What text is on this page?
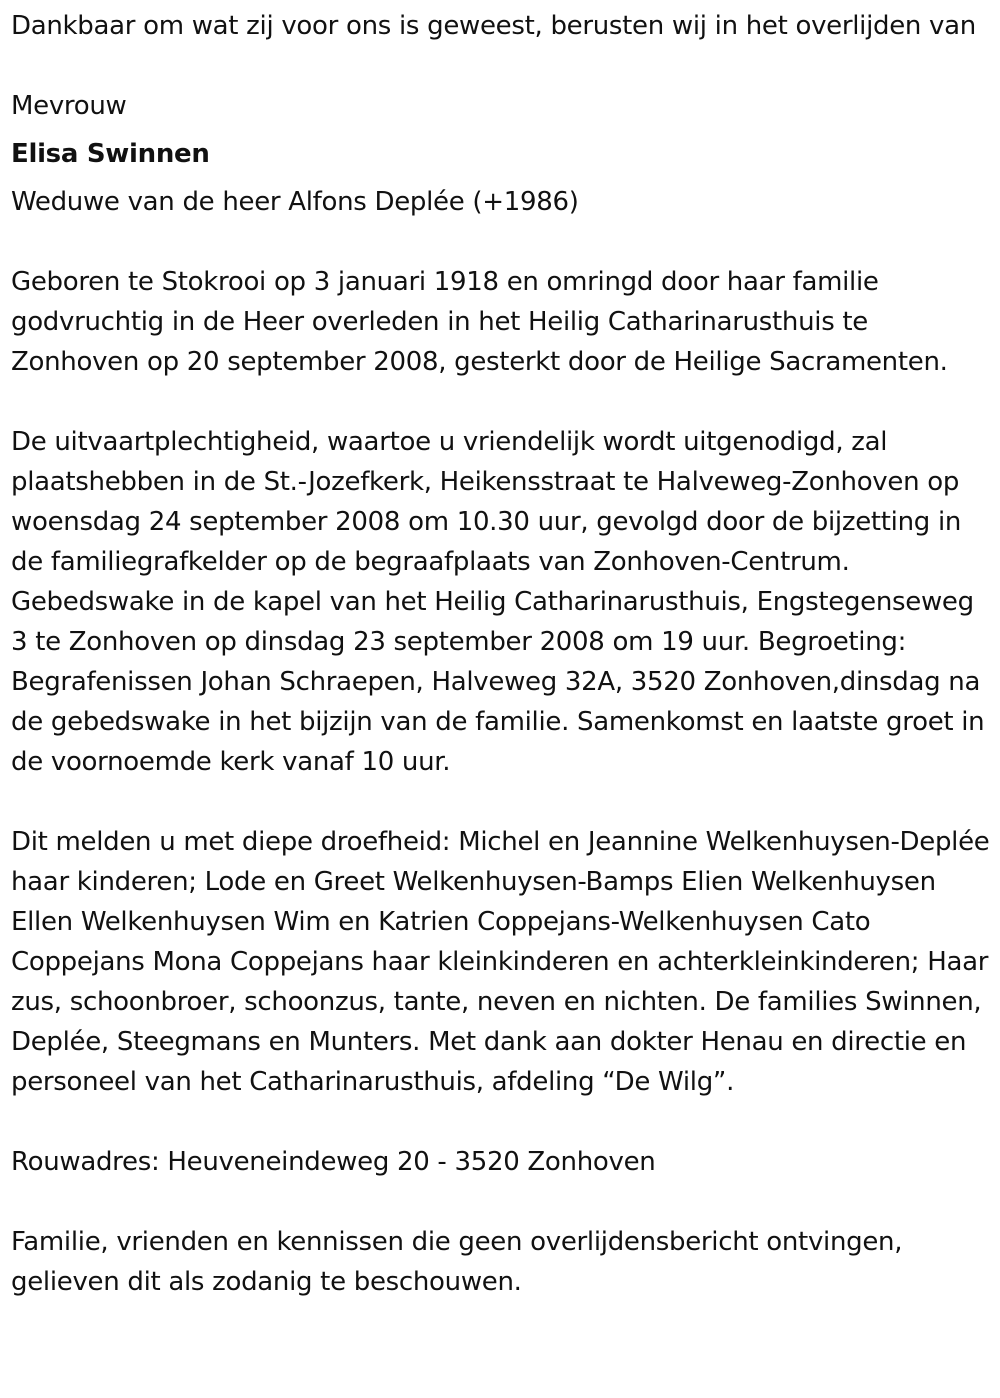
Dankbaar om wat zij voor ons is geweest, berusten wij in het overlijden van

Mevrouw

Elisa Swinnen

Weduwe van de heer Alfons Deplée (+1986)

Geboren te Stokrooi op 3 januari 1918 en omringd door haar familie godvruchtig in de Heer overleden in het Heilig Catharinarusthuis te Zonhoven op 20 september 2008, gesterkt door de Heilige Sacramenten.

De uitvaartplechtigheid, waartoe u vriendelijk wordt uitgenodigd, zal plaatshebben in de St.-Jozefkerk, Heikensstraat te Halveweg-Zonhoven op woensdag 24 september 2008 om 10.30 uur, gevolgd door de bijzetting in de familiegrafkelder op de begraafplaats van Zonhoven-Centrum. Gebedswake in de kapel van het Heilig Catharinarusthuis, Engstegenseweg 3 te Zonhoven op dinsdag 23 september 2008 om 19 uur. Begroeting: Begrafenissen Johan Schraepen, Halveweg 32A, 3520 Zonhoven,dinsdag na de gebedswake in het bijzijn van de familie. Samenkomst en laatste groet in de voornoemde kerk vanaf 10 uur.

Dit melden u met diepe droefheid: Michel en Jeannine Welkenhuysen-Deplée haar kinderen; Lode en Greet Welkenhuysen-Bamps Elien Welkenhuysen Ellen Welkenhuysen Wim en Katrien Coppejans-Welkenhuysen Cato Coppejans Mona Coppejans haar kleinkinderen en achterkleinkinderen; Haar zus, schoonbroer, schoonzus, tante, neven en nichten. De families Swinnen, Deplée, Steegmans en Munters. Met dank aan dokter Henau en directie en personeel van het Catharinarusthuis, afdeling “De Wilg”.

Rouwadres: Heuveneindeweg 20 - 3520 Zonhoven

Familie, vrienden en kennissen die geen overlijdensbericht ontvingen, gelieven dit als zodanig te beschouwen.
